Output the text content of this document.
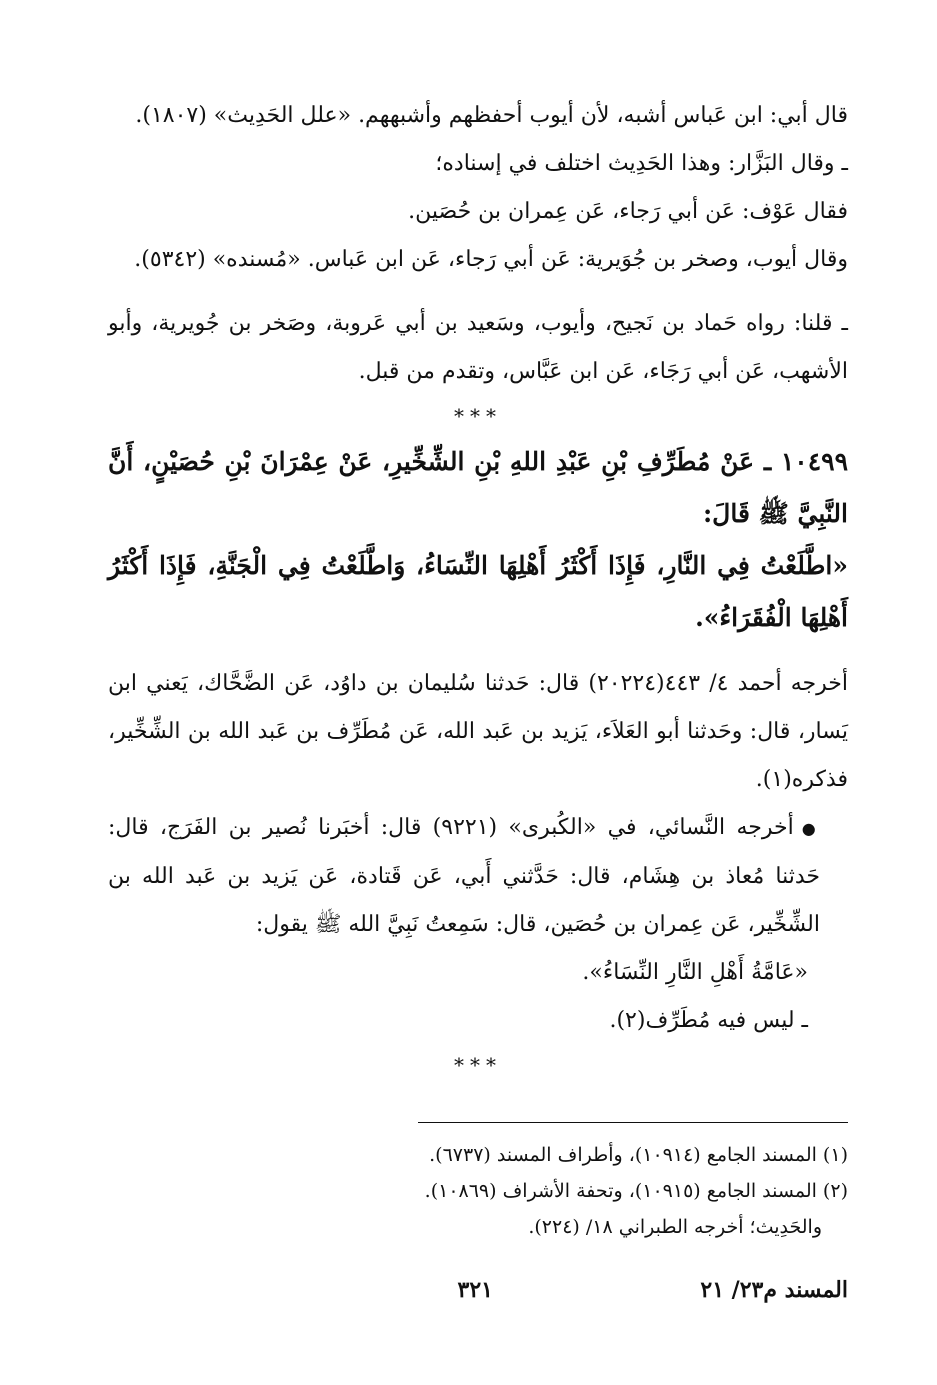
قال أبي: ابن عَباس أشبه، لأن أيوب أحفظهم وأشبههم. «علل الحَدِيث» (١٨٠٧).

ـ وقال البَزَّار: وهذا الحَدِيث اختلف في إسناده؛

فقال عَوْف: عَن أبي رَجاء، عَن عِمران بن حُصَين.

وقال أيوب، وصخر بن جُوَيرية: عَن أبي رَجاء، عَن ابن عَباس. «مُسنده» (٥٣٤٢).

ـ قلنا: رواه حَماد بن نَجيح، وأيوب، وسَعيد بن أبي عَروبة، وصَخر بن جُويرية، وأبو الأشهب، عَن أبي رَجَاء، عَن ابن عَبَّاس، وتقدم من قبل.

***

١٠٤٩٩ ـ عَنْ مُطَرِّفِ بْنِ عَبْدِ اللهِ بْنِ الشِّخِّيرِ، عَنْ عِمْرَانَ بْنِ حُصَيْنٍ، أَنَّ النَّبِيَّ ﷺ قَالَ:

«اطَّلَعْتُ فِي النَّارِ، فَإِذَا أَكْثَرُ أَهْلِهَا النِّسَاءُ، وَاطَّلَعْتُ فِي الْجَنَّةِ، فَإِذَا أَكْثَرُ أَهْلِهَا الْفُقَرَاءُ».

أخرجه أحمد ٤/ ٤٤٣(٢٠٢٢٤) قال: حَدثنا سُليمان بن داوُد، عَن الضَّحَّاك، يَعني ابن يَسار، قال: وحَدثنا أبو العَلاَء، يَزيد بن عَبد الله، عَن مُطَرِّف بن عَبد الله بن الشِّخِّير، فذكره(١).

●أخرجه النَّسائي، في «الكُبرى» (٩٢٢١) قال: أخبَرنا نُصير بن الفَرَج، قال: حَدثنا مُعاذ بن هِشَام، قال: حَدَّثني أَبي، عَن قَتادة، عَن يَزيد بن عَبد الله بن الشِّخِّير، عَن عِمران بن حُصَين، قال: سَمِعتُ نَبِيَّ الله ﷺ يقول:

«عَامَّةُ أَهْلِ النَّارِ النِّسَاءُ».

ـ ليس فيه مُطَرِّف(٢).

***

(١) المسند الجامع (١٠٩١٤)، وأطراف المسند (٦٧٣٧).

(٢) المسند الجامع (١٠٩١٥)، وتحفة الأشراف (١٠٨٦٩).

والحَدِيث؛ أخرجه الطبراني ١٨/ (٢٢٤).

المسند م٢٣/ ٢١
٣٢١
